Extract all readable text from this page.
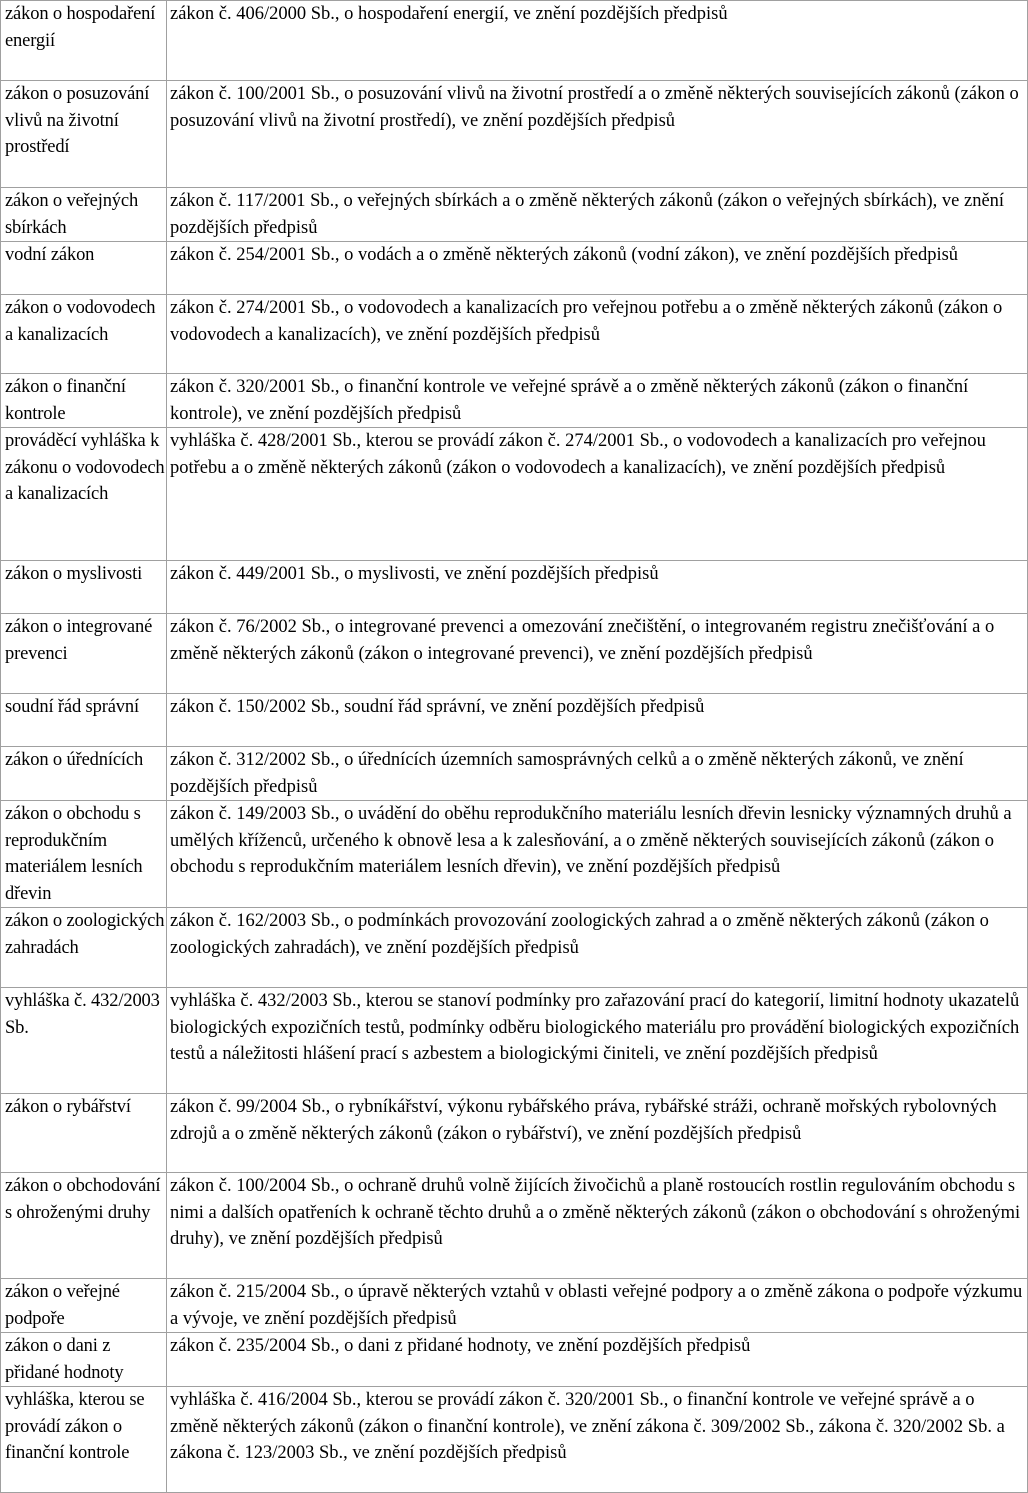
zákon o hospodaření energií	zákon č. 406/2000 Sb., o hospodaření energií, ve znění pozdějších předpisů
zákon o posuzování vlivů na životní prostředí	zákon č. 100/2001 Sb., o posuzování vlivů na životní prostředí a o změně některých souvisejících zákonů (zákon o posuzování vlivů na životní prostředí), ve znění pozdějších předpisů
zákon o veřejných sbírkách	zákon č. 117/2001 Sb., o veřejných sbírkách a o změně některých zákonů (zákon o veřejných sbírkách), ve znění pozdějších předpisů
vodní zákon	zákon č. 254/2001 Sb., o vodách a o změně některých zákonů (vodní zákon), ve znění pozdějších předpisů
zákon o vodovodech a kanalizacích	zákon č. 274/2001 Sb., o vodovodech a kanalizacích pro veřejnou potřebu a o změně některých zákonů (zákon o vodovodech a kanalizacích), ve znění pozdějších předpisů
zákon o finanční kontrole	zákon č. 320/2001 Sb., o finanční kontrole ve veřejné správě a o změně některých zákonů (zákon o finanční kontrole), ve znění pozdějších předpisů
prováděcí vyhláška k zákonu o vodovodech a kanalizacích	vyhláška č. 428/2001 Sb., kterou se provádí zákon č. 274/2001 Sb., o vodovodech a kanalizacích pro veřejnou potřebu a o změně některých zákonů (zákon o vodovodech a kanalizacích), ve znění pozdějších předpisů
zákon o myslivosti	zákon č. 449/2001 Sb., o myslivosti, ve znění pozdějších předpisů
zákon o integrované prevenci	zákon č. 76/2002 Sb., o integrované prevenci a omezování znečištění, o integrovaném registru znečišťování a o změně některých zákonů (zákon o integrované prevenci), ve znění pozdějších předpisů
soudní řád správní	zákon č. 150/2002 Sb., soudní řád správní, ve znění pozdějších předpisů
zákon o úřednících	zákon č. 312/2002 Sb., o úřednících územních samosprávných celků a o změně některých zákonů, ve znění pozdějších předpisů
zákon o obchodu s reprodukčním materiálem lesních dřevin	zákon č. 149/2003 Sb., o uvádění do oběhu reprodukčního materiálu lesních dřevin lesnicky významných druhů a umělých kříženců, určeného k obnově lesa a k zalesňování, a o změně některých souvisejících zákonů (zákon o obchodu s reprodukčním materiálem lesních dřevin), ve znění pozdějších předpisů
zákon o zoologických zahradách	zákon č. 162/2003 Sb., o podmínkách provozování zoologických zahrad a o změně některých zákonů (zákon o zoologických zahradách), ve znění pozdějších předpisů
vyhláška č. 432/2003 Sb.	vyhláška č. 432/2003 Sb., kterou se stanoví podmínky pro zařazování prací do kategorií, limitní hodnoty ukazatelů biologických expozičních testů, podmínky odběru biologického materiálu pro provádění biologických expozičních testů a náležitosti hlášení prací s azbestem a biologickými činiteli, ve znění pozdějších předpisů
zákon o rybářství	zákon č. 99/2004 Sb., o rybníkářství, výkonu rybářského práva, rybářské stráži, ochraně mořských rybolovných zdrojů a o změně některých zákonů (zákon o rybářství), ve znění pozdějších předpisů
zákon o obchodování s ohroženými druhy	zákon č. 100/2004 Sb., o ochraně druhů volně žijících živočichů a planě rostoucích rostlin regulováním obchodu s nimi a dalších opatřeních k ochraně těchto druhů a o změně některých zákonů (zákon o obchodování s ohroženými druhy), ve znění pozdějších předpisů
zákon o veřejné podpoře	zákon č. 215/2004 Sb., o úpravě některých vztahů v oblasti veřejné podpory a o změně zákona o podpoře výzkumu a vývoje, ve znění pozdějších předpisů
zákon o dani z přidané hodnoty	zákon č. 235/2004 Sb., o dani z přidané hodnoty, ve znění pozdějších předpisů
vyhláška, kterou se provádí zákon o finanční kontrole	vyhláška č. 416/2004 Sb., kterou se provádí zákon č. 320/2001 Sb., o finanční kontrole ve veřejné správě a o změně některých zákonů (zákon o finanční kontrole), ve znění zákona č. 309/2002 Sb., zákona č. 320/2002 Sb. a zákona č. 123/2003 Sb., ve znění pozdějších předpisů
